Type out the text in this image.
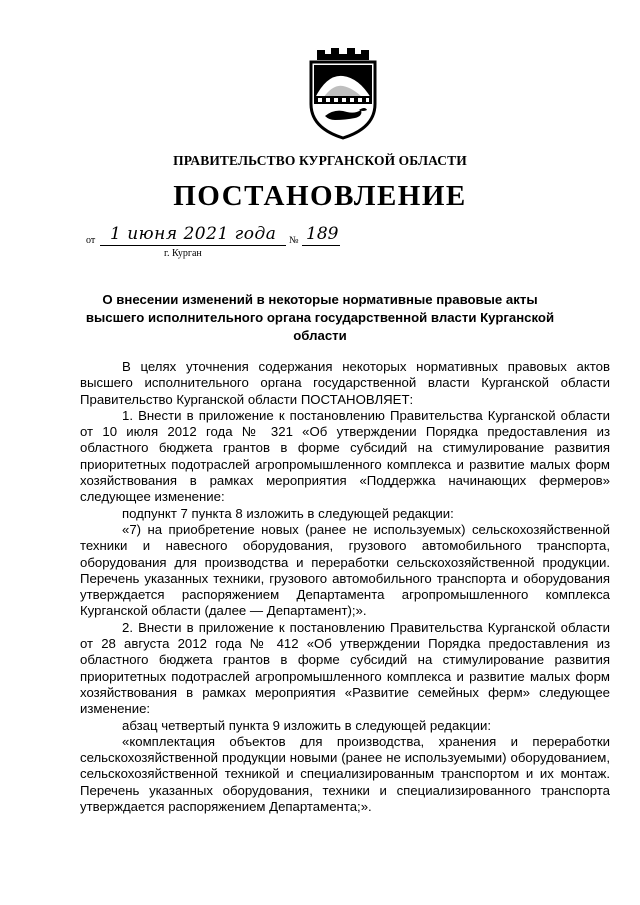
ПРАВИТЕЛЬСТВО КУРГАНСКОЙ ОБЛАСТИ
ПОСТАНОВЛЕНИЕ
от 1 июня 2021 года № 189
г. Курган
О внесении изменений в некоторые нормативные правовые акты высшего исполнительного органа государственной власти Курганской области

В целях уточнения содержания некоторых нормативных правовых актов высшего исполнительного органа государственной власти Курганской области Правительство Курганской области ПОСТАНОВЛЯЕТ:

1. Внести в приложение к постановлению Правительства Курганской области от 10 июля 2012 года № 321 «Об утверждении Порядка предоставления из областного бюджета грантов в форме субсидий на стимулирование развития приоритетных подотраслей агропромышленного комплекса и развитие малых форм хозяйствования в рамках мероприятия «Поддержка начинающих фермеров» следующее изменение:

подпункт 7 пункта 8 изложить в следующей редакции:

«7) на приобретение новых (ранее не используемых) сельскохозяйственной техники и навесного оборудования, грузового автомобильного транспорта, оборудования для производства и переработки сельскохозяйственной продукции. Перечень указанных техники, грузового автомобильного транспорта и оборудования утверждается распоряжением Департамента агропромышленного комплекса Курганской области (далее — Департамент);».

2. Внести в приложение к постановлению Правительства Курганской области от 28 августа 2012 года № 412 «Об утверждении Порядка предоставления из областного бюджета грантов в форме субсидий на стимулирование развития приоритетных подотраслей агропромышленного комплекса и развитие малых форм хозяйствования в рамках мероприятия «Развитие семейных ферм» следующее изменение:

абзац четвертый пункта 9 изложить в следующей редакции:

«комплектация объектов для производства, хранения и переработки сельскохозяйственной продукции новыми (ранее не используемыми) оборудованием, сельскохозяйственной техникой и специализированным транспортом и их монтаж. Перечень указанных оборудования, техники и специализированного транспорта утверждается распоряжением Департамента;».
